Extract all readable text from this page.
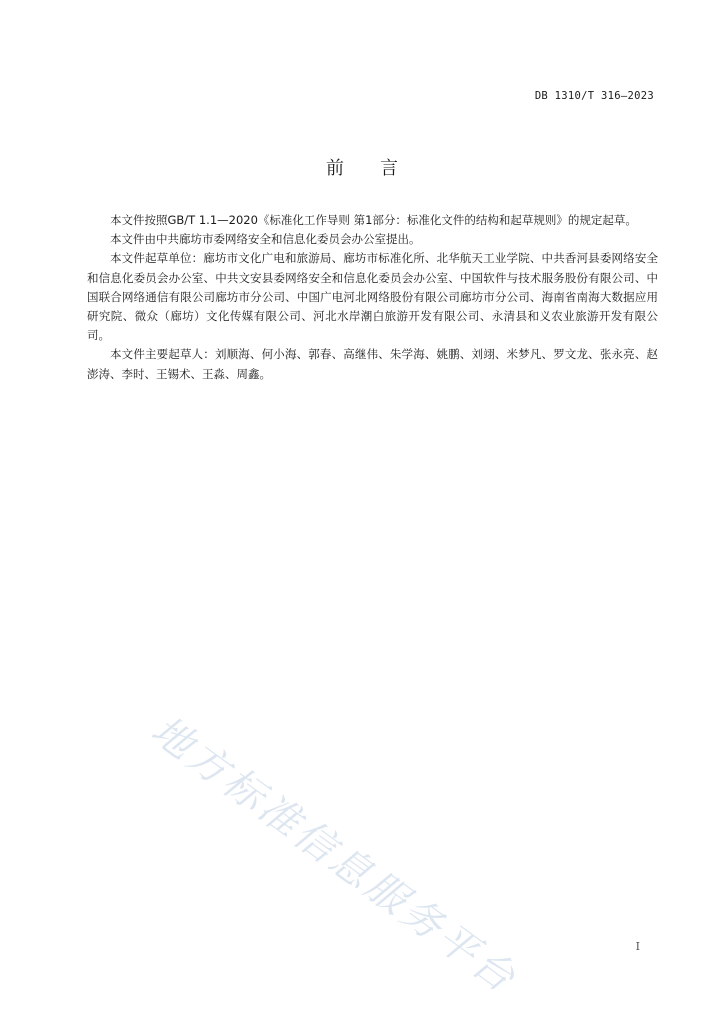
DB 1310/T 316—2023
前言

本文件按照GB/T 1.1—2020《标准化工作导则 第1部分：标准化文件的结构和起草规则》的规定起草。

本文件由中共廊坊市委网络安全和信息化委员会办公室提出。

本文件起草单位：廊坊市文化广电和旅游局、廊坊市标准化所、北华航天工业学院、中共香河县委网络安全和信息化委员会办公室、中共文安县委网络安全和信息化委员会办公室、中国软件与技术服务股份有限公司、中国联合网络通信有限公司廊坊市分公司、中国广电河北网络股份有限公司廊坊市分公司、海南省南海大数据应用研究院、微众（廊坊）文化传媒有限公司、河北水岸潮白旅游开发有限公司、永清县和义农业旅游开发有限公司。

本文件主要起草人：刘顺海、何小海、郭春、高继伟、朱学海、姚鹏、刘翊、米梦凡、罗文龙、张永亮、赵澎涛、李时、王锡术、王淼、周鑫。

地方标准信息服务平台	I
